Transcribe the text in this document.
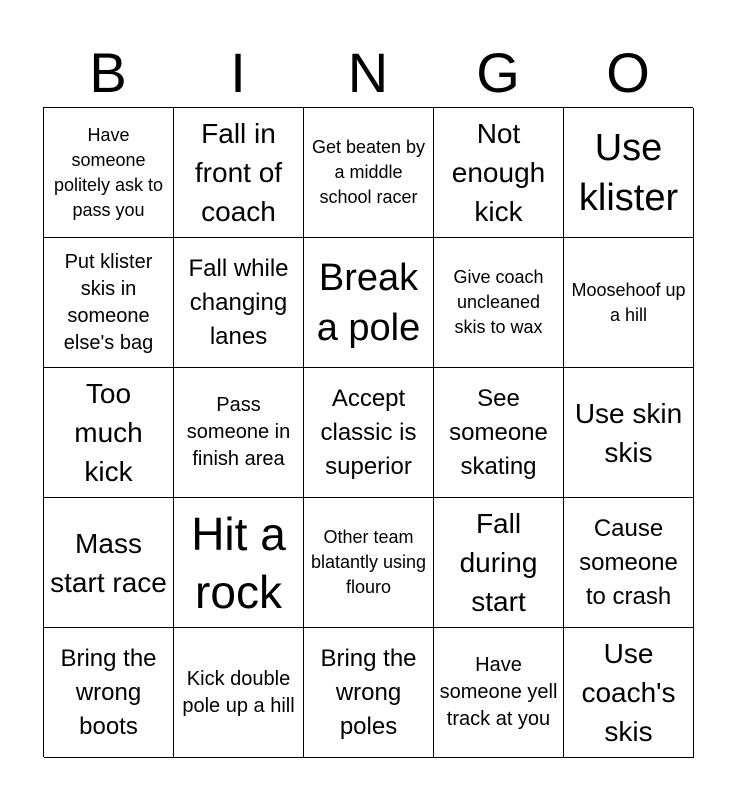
B	I	N	G	O
Have someone politely ask to pass you
Fall in front of coach
Get beaten by a middle school racer
Not enough kick
Use klister
Put klister skis in someone else's bag
Fall while changing lanes
Break a pole
Give coach uncleaned skis to wax
Moosehoof up a hill
Too much kick
Pass someone in finish area
Accept classic is superior
See someone skating
Use skin skis
Mass start race
Hit a rock
Other team blatantly using flouro
Fall during start
Cause someone to crash
Bring the wrong boots
Kick double pole up a hill
Bring the wrong poles
Have someone yell track at you
Use coach's skis
